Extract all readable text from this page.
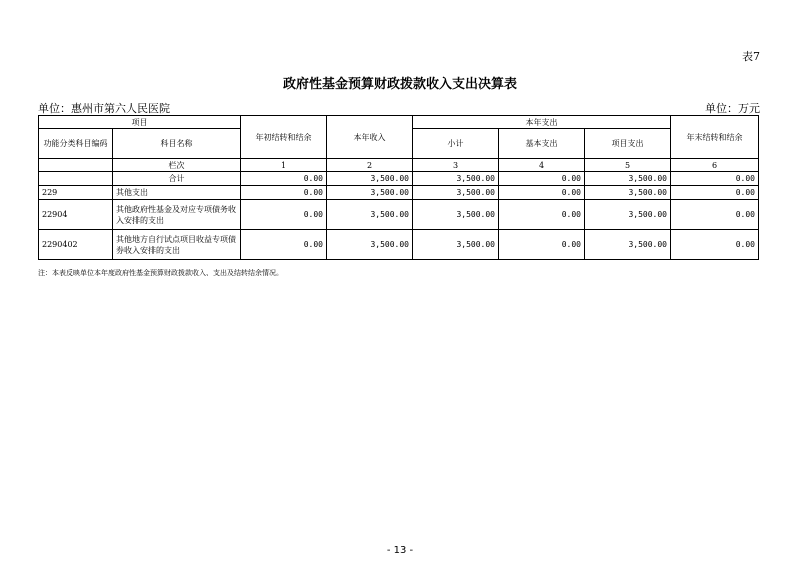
表7
政府性基金预算财政拨款收入支出决算表
单位：惠州市第六人民医院	单位：万元
项目		年初结转和结余	本年收入	本年支出			年末结转和结余
功能分类科目编码	科目名称			小计	基本支出	项目支出	
	栏次	1	2	3	4	5	6
	合计	0.00	3,500.00	3,500.00	0.00	3,500.00	0.00
229	其他支出	0.00	3,500.00	3,500.00	0.00	3,500.00	0.00
22904	其他政府性基金及对应专项债务收入安排的支出	0.00	3,500.00	3,500.00	0.00	3,500.00	0.00
2290402	其他地方自行试点项目收益专项债券收入安排的支出	0.00	3,500.00	3,500.00	0.00	3,500.00	0.00
注：本表反映单位本年度政府性基金预算财政拨款收入、支出及结转结余情况。
- 13 -
